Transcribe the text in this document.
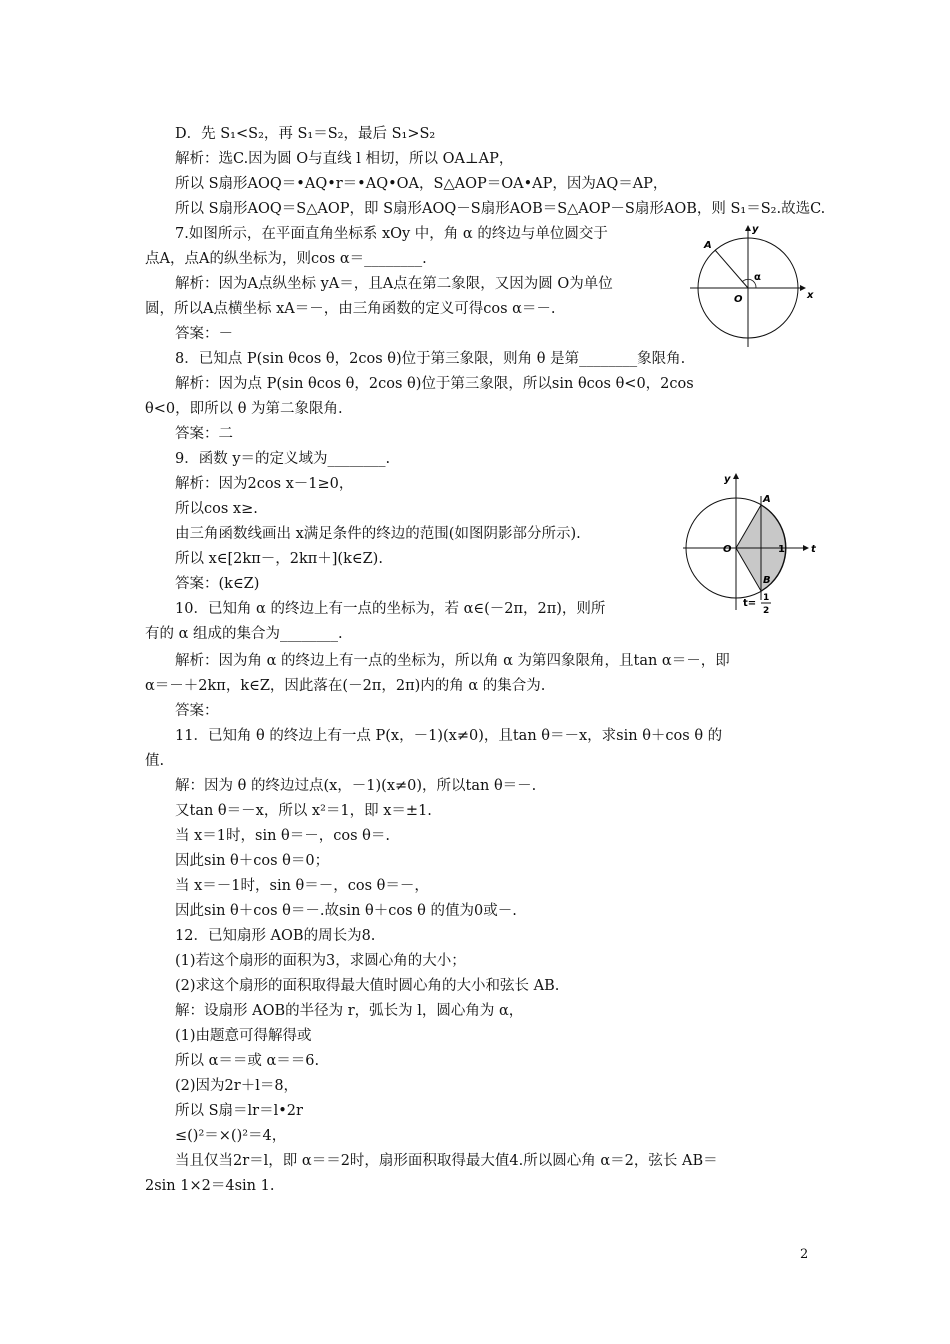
D．先 S₁<S₂，再 S₁＝S₂，最后 S₁>S₂
解析：选C.因为圆 O与直线 l 相切，所以 OA⊥AP，
所以 S扇形AOQ＝•AQ•r＝•AQ•OA，S△AOP＝OA•AP，因为AQ＝AP，
所以 S扇形AOQ＝S△AOP，即 S扇形AOQ－S扇形AOB＝S△AOP－S扇形AOB，则 S₁＝S₂.故选C.
7.如图所示，在平面直角坐标系 xOy 中，角 α 的终边与单位圆交于
点A，点A的纵坐标为，则cos α＝________.
解析：因为A点纵坐标 yA＝，且A点在第二象限，又因为圆 O为单位
圆，所以A点横坐标 xA＝－，由三角函数的定义可得cos α＝－.
答案：－
8．已知点 P(sin θcos θ，2cos θ)位于第三象限，则角 θ 是第________象限角.
解析：因为点 P(sin θcos θ，2cos θ)位于第三象限，所以sin θcos θ<0，2cos
θ<0，即所以 θ 为第二象限角.
答案：二
9．函数 y＝的定义域为________.
解析：因为2cos x－1≥0，
所以cos x≥.
由三角函数线画出 x满足条件的终边的范围(如图阴影部分所示).
所以 x∈[2kπ－，2kπ＋](k∈Z).
答案：(k∈Z)
10．已知角 α 的终边上有一点的坐标为，若 α∈(－2π，2π)，则所
有的 α 组成的集合为________.
解析：因为角 α 的终边上有一点的坐标为，所以角 α 为第四象限角，且tan α＝－，即
α＝－＋2kπ，k∈Z，因此落在(－2π，2π)内的角 α 的集合为.
答案：
11．已知角 θ 的终边上有一点 P(x，－1)(x≠0)，且tan θ＝－x，求sin θ＋cos θ 的
值.
解：因为 θ 的终边过点(x，－1)(x≠0)，所以tan θ＝－.
又tan θ＝－x，所以 x²＝1，即 x＝±1.
当 x＝1时，sin θ＝－，cos θ＝.
因此sin θ＋cos θ＝0；
当 x＝－1时，sin θ＝－，cos θ＝－，
因此sin θ＋cos θ＝－.故sin θ＋cos θ 的值为0或－.
12．已知扇形 AOB的周长为8.
(1)若这个扇形的面积为3，求圆心角的大小；
(2)求这个扇形的面积取得最大值时圆心角的大小和弦长 AB.
解：设扇形 AOB的半径为 r，弧长为 l，圆心角为 α，
(1)由题意可得解得或
所以 α＝＝或 α＝＝6.
(2)因为2r＋l＝8，
所以 S扇＝lr＝l•2r
≤()²＝×()²＝4，
当且仅当2r＝l，即 α＝＝2时，扇形面积取得最大值4.所以圆心角 α＝2，弦长 AB＝
2sin 1×2＝4sin 1.
y
x
A
O
α
y
t
A
B
O	1
t= 1
2
2
